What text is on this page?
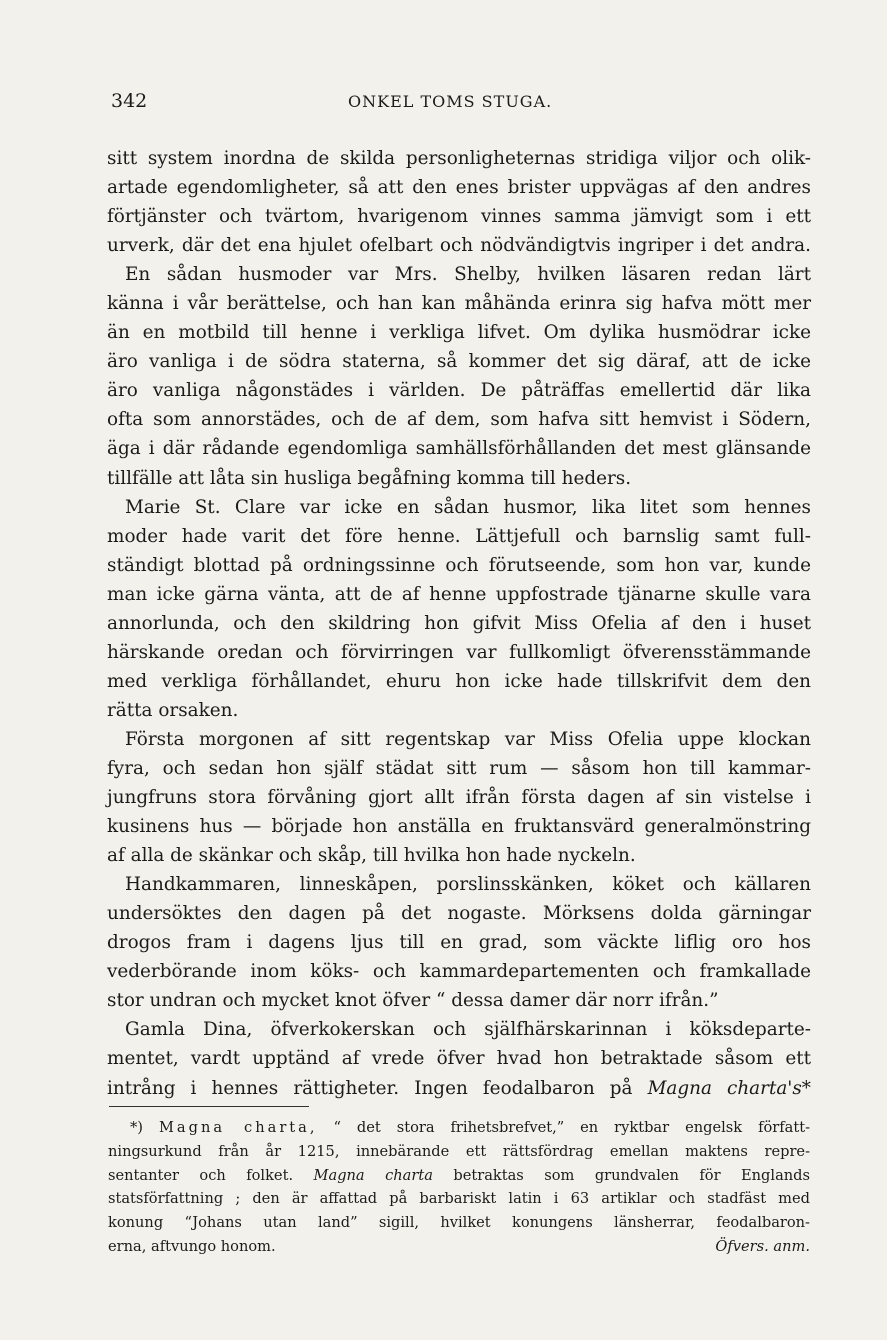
342	ONKEL TOMS STUGA.
sitt system inordna de skilda personligheternas stridiga viljor och olik-
artade egendomligheter, så att den enes brister uppvägas af den andres
förtjänster och tvärtom, hvarigenom vinnes samma jämvigt som i ett
urverk, där det ena hjulet ofelbart och nödvändigtvis ingriper i det andra.
En sådan husmoder var Mrs. Shelby, hvilken läsaren redan lärt
känna i vår berättelse, och han kan måhända erinra sig hafva mött mer
än en motbild till henne i verkliga lifvet. Om dylika husmödrar icke
äro vanliga i de södra staterna, så kommer det sig däraf, att de icke
äro vanliga någonstädes i världen. De påträffas emellertid där lika
ofta som annorstädes, och de af dem, som hafva sitt hemvist i Södern,
äga i där rådande egendomliga samhällsförhållanden det mest glänsande
tillfälle att låta sin husliga begåfning komma till heders.
Marie St. Clare var icke en sådan husmor, lika litet som hennes
moder hade varit det före henne. Lättjefull och barnslig samt full-
ständigt blottad på ordningssinne och förutseende, som hon var, kunde
man icke gärna vänta, att de af henne uppfostrade tjänarne skulle vara
annorlunda, och den skildring hon gifvit Miss Ofelia af den i huset
härskande oredan och förvirringen var fullkomligt öfverensstämmande
med verkliga förhållandet, ehuru hon icke hade tillskrifvit dem den
rätta orsaken.
Första morgonen af sitt regentskap var Miss Ofelia uppe klockan
fyra, och sedan hon själf städat sitt rum — såsom hon till kammar-
jungfruns stora förvåning gjort allt ifrån första dagen af sin vistelse i
kusinens hus — började hon anställa en fruktansvärd generalmönstring
af alla de skänkar och skåp, till hvilka hon hade nyckeln.
Handkammaren, linneskåpen, porslinsskänken, köket och källaren
undersöktes den dagen på det nogaste. Mörksens dolda gärningar
drogos fram i dagens ljus till en grad, som väckte liflig oro hos
vederbörande inom köks- och kammardepartementen och framkallade
stor undran och mycket knot öfver “ dessa damer där norr ifrån.”
Gamla Dina, öfverkokerskan och själfhärskarinnan i köksdeparte-
mentet, vardt upptänd af vrede öfver hvad hon betraktade såsom ett
intrång i hennes rättigheter. Ingen feodalbaron på Magna charta's*
*) Magna charta, “ det stora frihetsbrefvet,” en ryktbar engelsk författ-
ningsurkund från år 1215, innebärande ett rättsfördrag emellan maktens repre-
sentanter och folket. Magna charta betraktas som grundvalen för Englands
statsförfattning ; den är affattad på barbariskt latin i 63 artiklar och stadfäst med
konung “Johans utan land” sigill, hvilket konungens länsherrar, feodalbaron-
erna, aftvungo honom.	Öfvers. anm.
